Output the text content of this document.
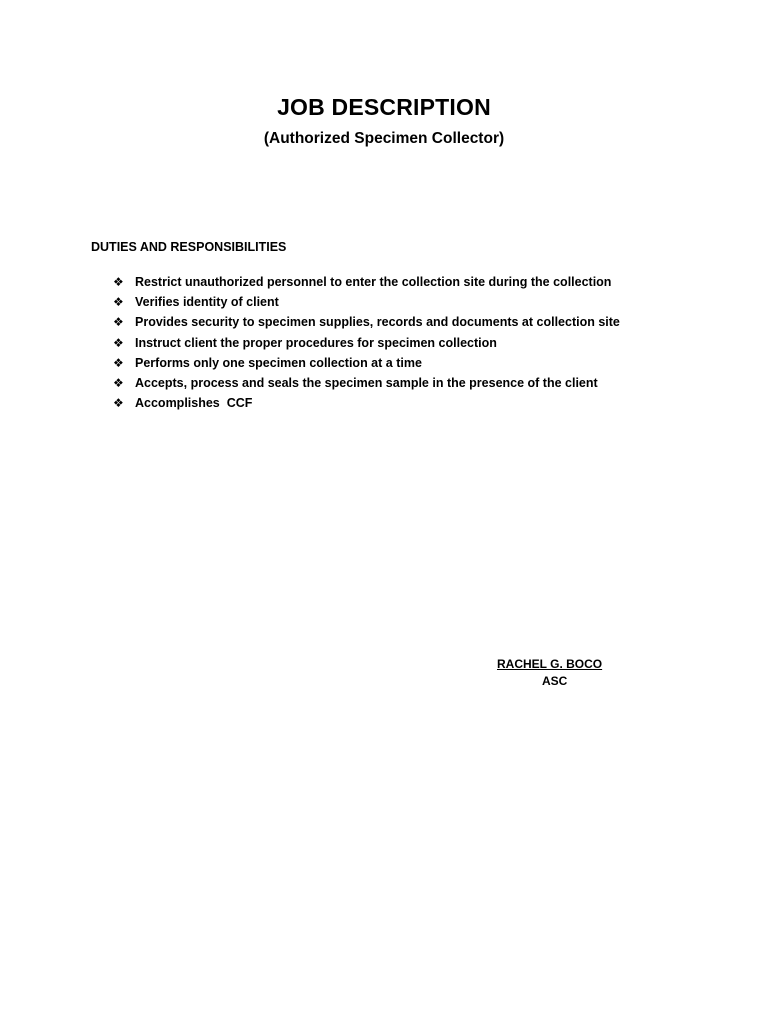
JOB DESCRIPTION
(Authorized Specimen Collector)
DUTIES AND RESPONSIBILITIES
❖ Restrict unauthorized personnel to enter the collection site during the collection
❖ Verifies identity of client
❖ Provides security to specimen supplies, records and documents at collection site
❖ Instruct client the proper procedures for specimen collection
❖ Performs only one specimen collection at a time
❖ Accepts, process and seals the specimen sample in the presence of the client
❖ Accomplishes  CCF
RACHEL G. BOCO
ASC
